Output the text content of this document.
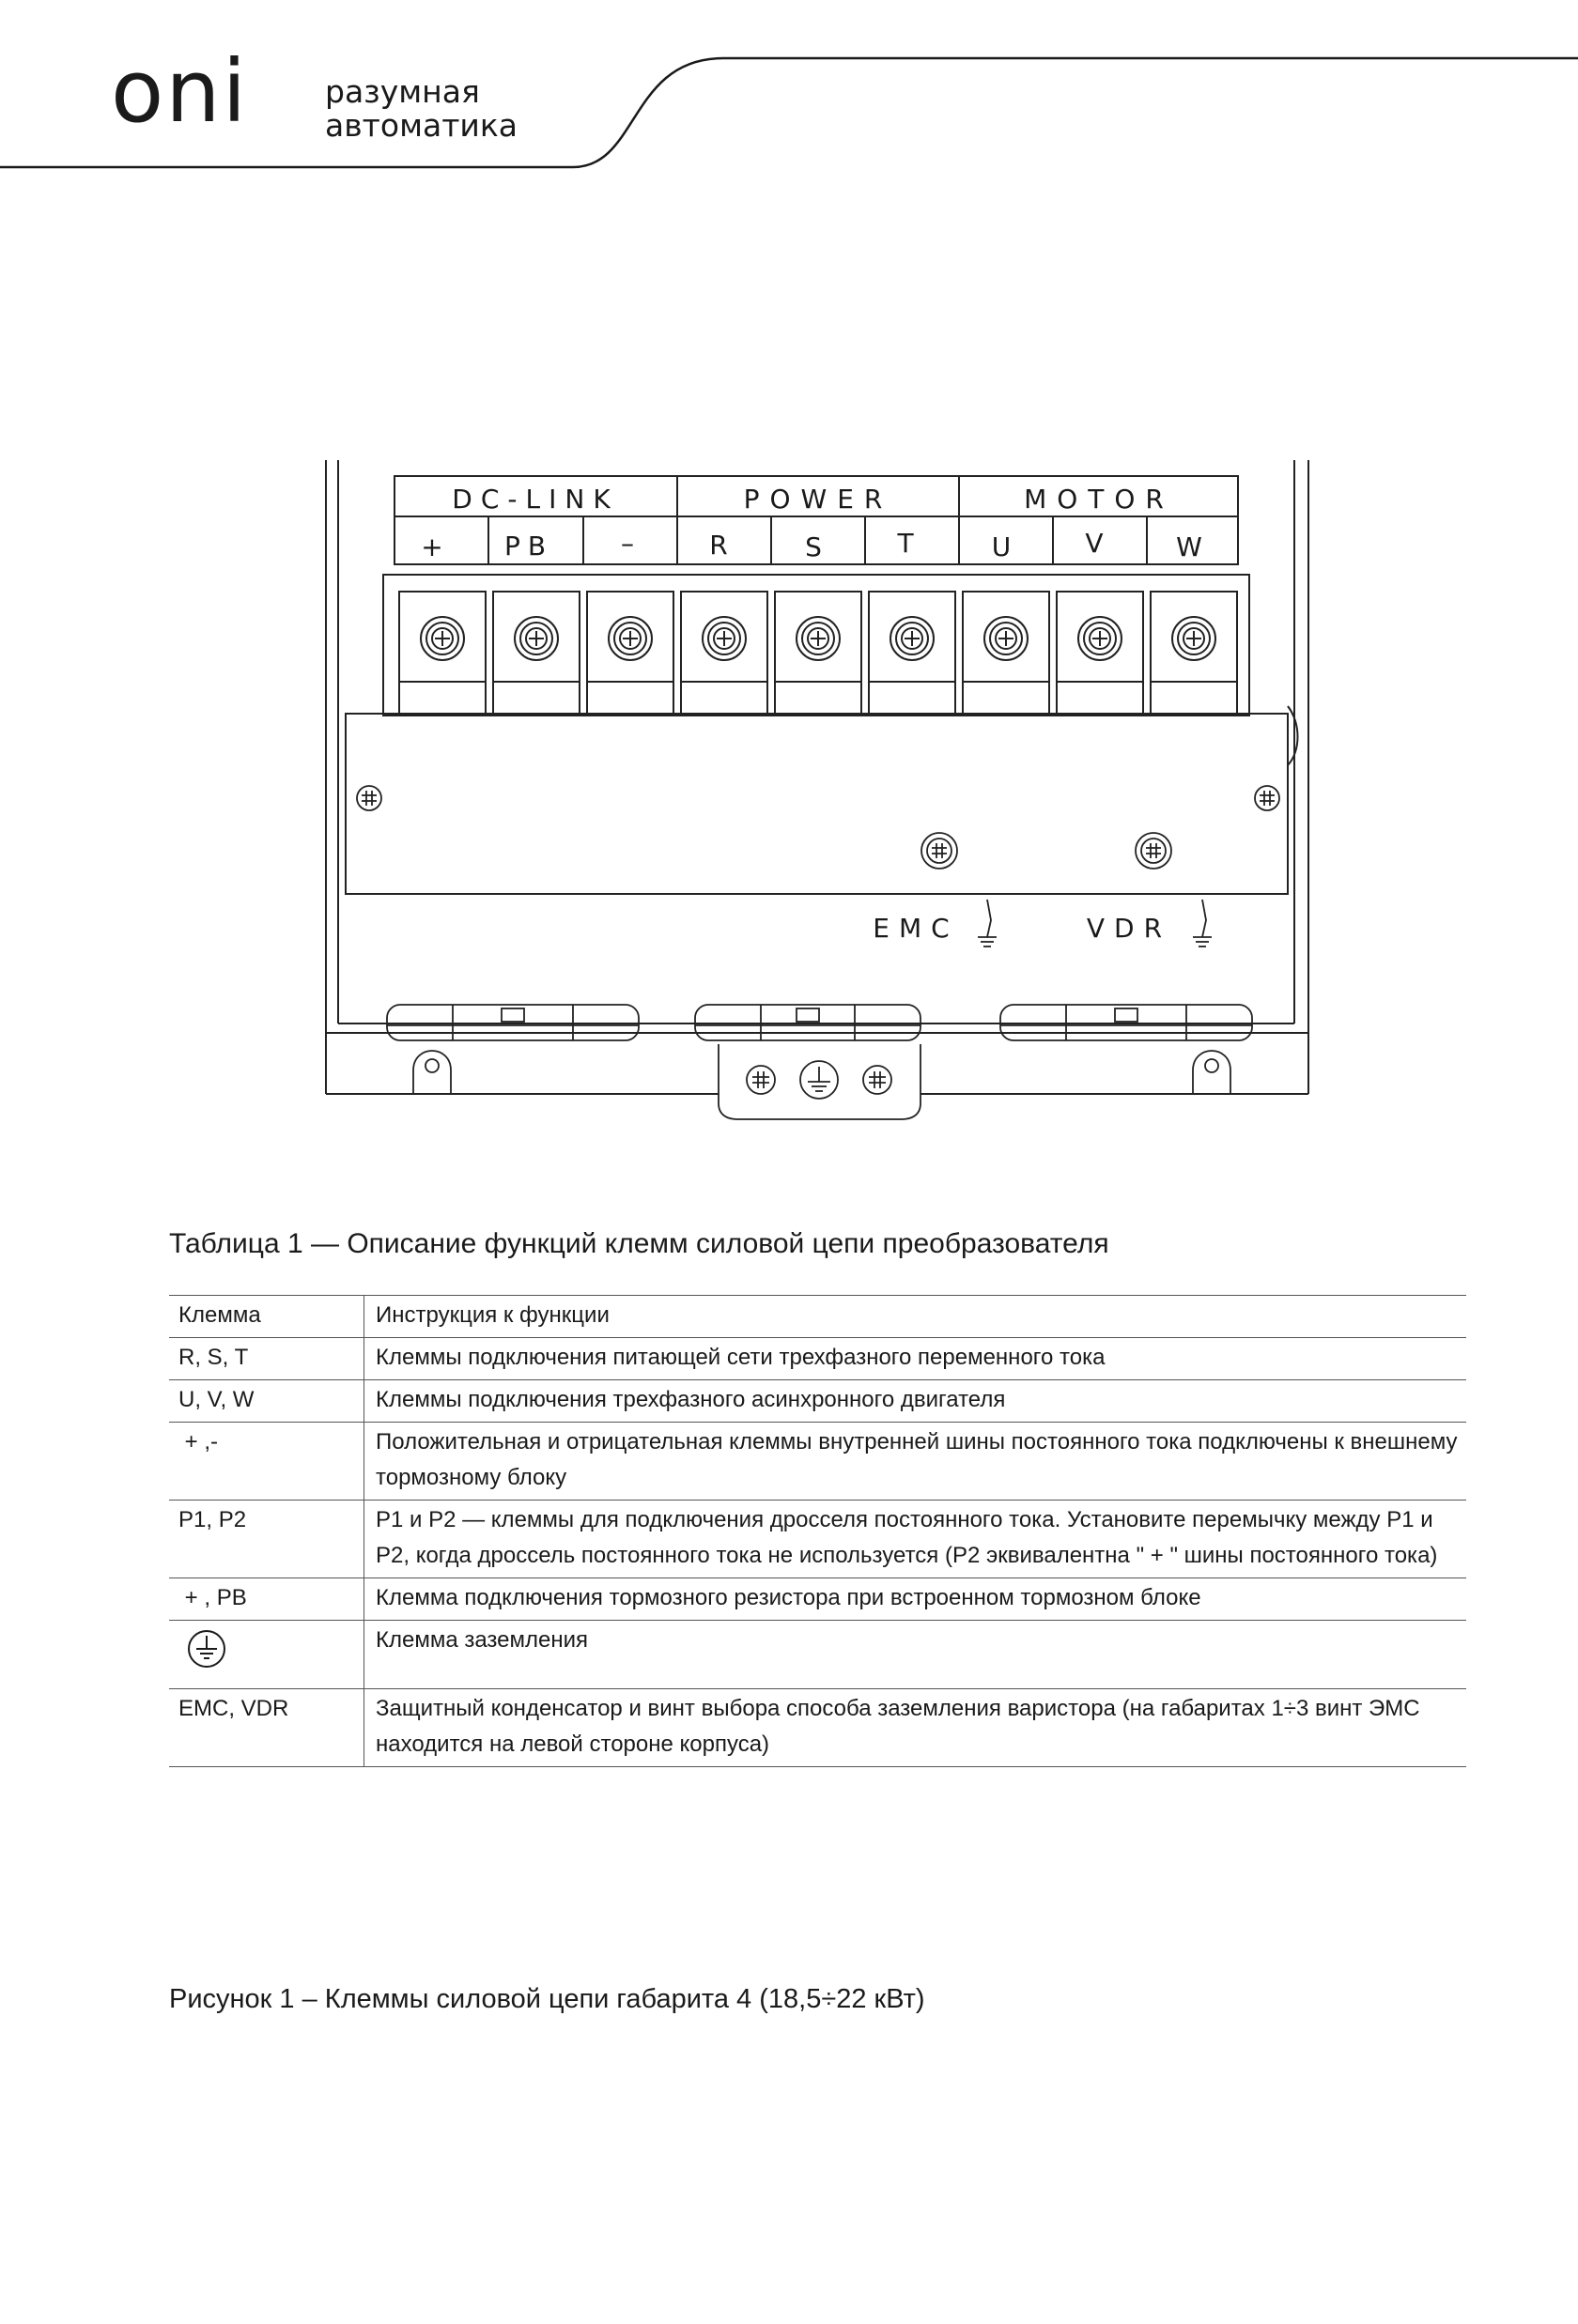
oni разумная
автоматика
DC-LINK	POWER	MOTOR
+ PB	–	R	S	T	U	V	W
EMC	VDR
Таблица 1 — Описание функций клемм силовой цепи преобразователя
Клемма	Инструкция к функции
R, S, T	Клеммы подключения питающей сети трехфазного переменного тока
U, V, W	Клеммы подключения трехфазного асинхронного двигателя
+ ,-	Положительная и отрицательная клеммы внутренней шины постоянного тока подключены к внешнему тормозному блоку
P1, P2	P1 и P2 — клеммы для подключения дросселя постоянного тока. Установите перемычку между P1 и P2, когда дроссель постоянного тока не используется (P2 эквивалентна " + " шины постоянного тока)
+ , PB	Клемма подключения тормозного резистора при встроенном тормозном блоке
	Клемма заземления
EMC, VDR	Защитный конденсатор и винт выбора способа заземления варистора (на габаритах 1÷3 винт ЭМС находится на левой стороне корпуса)
Рисунок 1 – Клеммы силовой цепи габарита 4 (18,5÷22 кВт)
